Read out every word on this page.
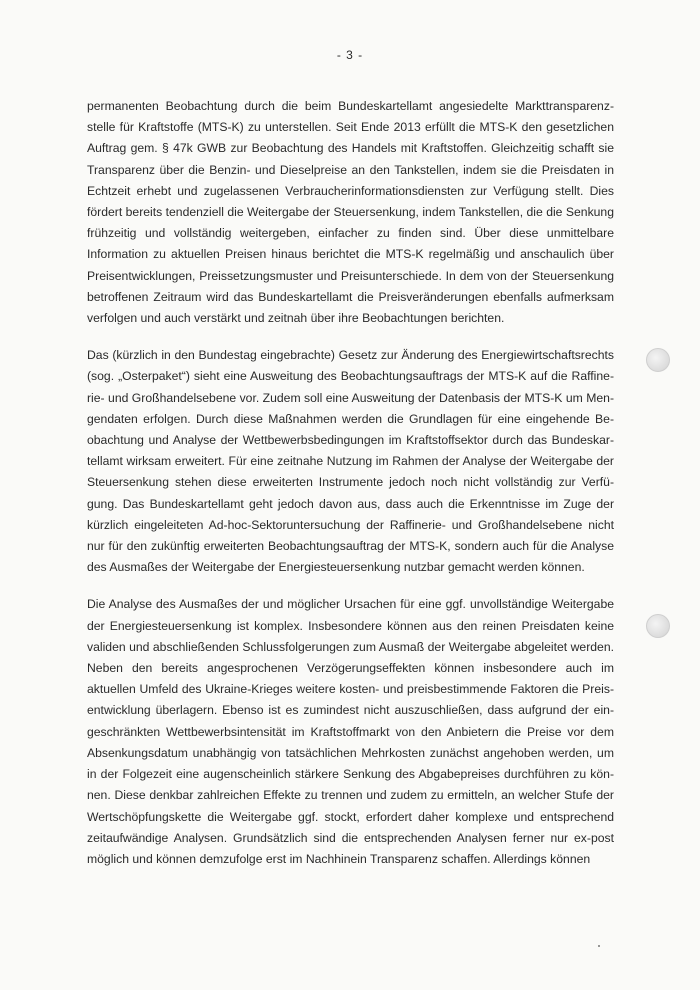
- 3 -

permanenten Beobachtung durch die beim Bundeskartellamt angesiedelte Markttransparenzstelle für Kraftstoffe (MTS-K) zu unterstellen. Seit Ende 2013 erfüllt die MTS-K den gesetzlichen Auftrag gem. § 47k GWB zur Beobachtung des Handels mit Kraftstoffen. Gleichzeitig schafft sie Transparenz über die Benzin- und Dieselpreise an den Tankstellen, indem sie die Preisdaten in Echtzeit erhebt und zugelassenen Verbraucherinformationsdiensten zur Verfügung stellt. Dies fördert bereits tendenziell die Weitergabe der Steuersenkung, indem Tankstellen, die die Senkung frühzeitig und vollständig weitergeben, einfacher zu finden sind. Über diese unmittelbare Information zu aktuellen Preisen hinaus berichtet die MTS-K regelmäßig und anschaulich über Preisentwicklungen, Preissetzungsmuster und Preisunterschiede. In dem von der Steuersenkung betroffenen Zeitraum wird das Bundeskartellamt die Preisveränderungen ebenfalls aufmerksam verfolgen und auch verstärkt und zeitnah über ihre Beobachtungen berichten.

Das (kürzlich in den Bundestag eingebrachte) Gesetz zur Änderung des Energiewirtschaftsrechts (sog. „Osterpaket“) sieht eine Ausweitung des Beobachtungsauftrags der MTS-K auf die Raffinerie- und Großhandelsebene vor. Zudem soll eine Ausweitung der Datenbasis der MTS-K um Mengendaten erfolgen. Durch diese Maßnahmen werden die Grundlagen für eine eingehende Beobachtung und Analyse der Wettbewerbsbedingungen im Kraftstoffsektor durch das Bundeskartellamt wirksam erweitert. Für eine zeitnahe Nutzung im Rahmen der Analyse der Weitergabe der Steuersenkung stehen diese erweiterten Instrumente jedoch noch nicht vollständig zur Verfügung. Das Bundeskartellamt geht jedoch davon aus, dass auch die Erkenntnisse im Zuge der kürzlich eingeleiteten Ad-hoc-Sektoruntersuchung der Raffinerie- und Großhandelsebene nicht nur für den zukünftig erweiterten Beobachtungsauftrag der MTS-K, sondern auch für die Analyse des Ausmaßes der Weitergabe der Energiesteuersenkung nutzbar gemacht werden können.

Die Analyse des Ausmaßes der und möglicher Ursachen für eine ggf. unvollständige Weitergabe der Energiesteuersenkung ist komplex. Insbesondere können aus den reinen Preisdaten keine validen und abschließenden Schlussfolgerungen zum Ausmaß der Weitergabe abgeleitet werden. Neben den bereits angesprochenen Verzögerungseffekten können insbesondere auch im aktuellen Umfeld des Ukraine-Krieges weitere kosten- und preisbestimmende Faktoren die Preisentwicklung überlagern. Ebenso ist es zumindest nicht auszuschließen, dass aufgrund der eingeschränkten Wettbewerbsintensität im Kraftstoffmarkt von den Anbietern die Preise vor dem Absenkungsdatum unabhängig von tatsächlichen Mehrkosten zunächst angehoben werden, um in der Folgezeit eine augenscheinlich stärkere Senkung des Abgabepreises durchführen zu können. Diese denkbar zahlreichen Effekte zu trennen und zudem zu ermitteln, an welcher Stufe der Wertschöpfungskette die Weitergabe ggf. stockt, erfordert daher komplexe und entsprechend zeitaufwändige Analysen. Grundsätzlich sind die entsprechenden Analysen ferner nur ex-post möglich und können demzufolge erst im Nachhinein Transparenz schaffen. Allerdings können
